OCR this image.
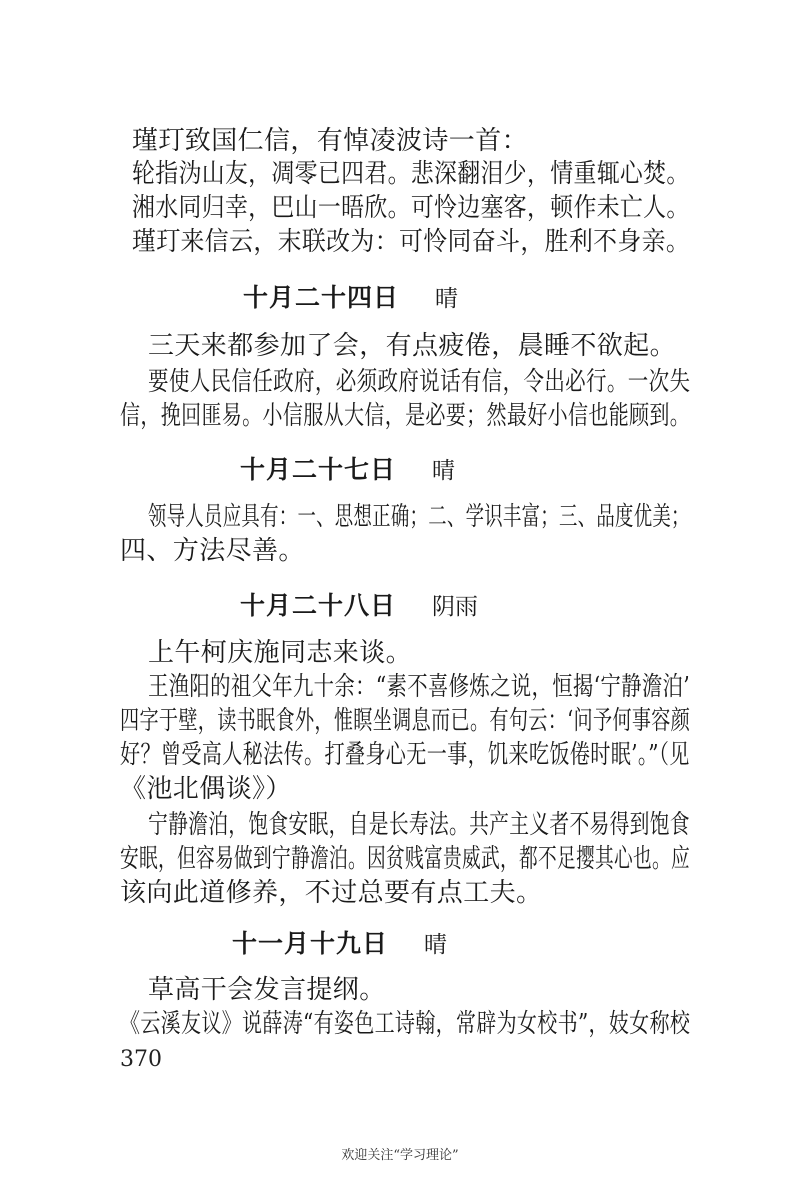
瑾玎致国仁信，有悼凌波诗一首：
轮指沩山友，凋零已四君。悲深翻泪少，情重辄心焚。
湘水同归幸，巴山一晤欣。可怜边塞客，顿作未亡人。
瑾玎来信云，末联改为：可怜同奋斗，胜利不身亲。
十月二十四日 晴
三天来都参加了会，有点疲倦，晨睡不欲起。
要使人民信任政府，必须政府说话有信，令出必行。一次失
信，挽回匪易。小信服从大信，是必要；然最好小信也能顾到。
十月二十七日 晴
领导人员应具有：一、思想正确；二、学识丰富；三、品度优美；
四、方法尽善。
十月二十八日 阴雨
上午柯庆施同志来谈。
王渔阳的祖父年九十余：“素不喜修炼之说，恒揭‘宁静澹泊’
四字于壁，读书眠食外，惟瞑坐调息而已。有句云：‘问予何事容颜
好？曾受高人秘法传。打叠身心无一事，饥来吃饭倦时眠’。”（见
《池北偶谈》）
宁静澹泊，饱食安眠，自是长寿法。共产主义者不易得到饱食
安眠，但容易做到宁静澹泊。因贫贱富贵威武，都不足撄其心也。应
该向此道修养，不过总要有点工夫。
十一月十九日 晴
草高干会发言提纲。
《云溪友议》说薛涛“有姿色工诗翰，常辟为女校书”，妓女称校
370
欢迎关注“学习理论”
